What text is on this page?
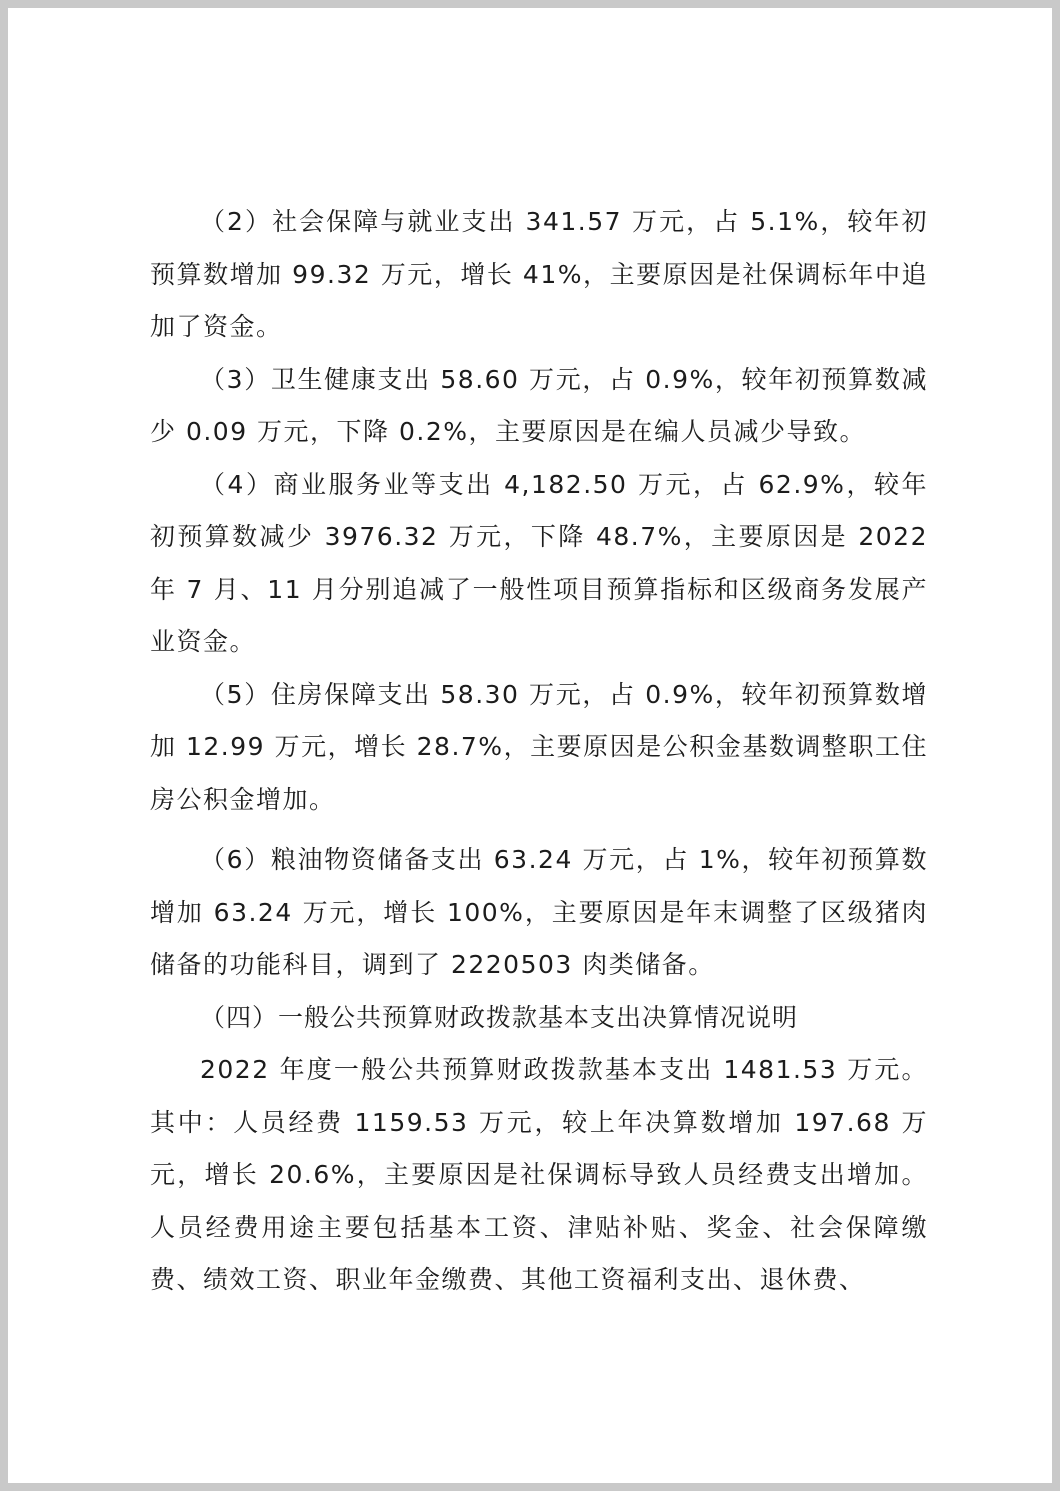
（2）社会保障与就业支出 341.57 万元，占 5.1%，较年初预算数增加 99.32 万元，增长 41%，主要原因是社保调标年中追加了资金。

（3）卫生健康支出 58.60 万元，占 0.9%，较年初预算数减少 0.09 万元，下降 0.2%，主要原因是在编人员减少导致。

（4）商业服务业等支出 4,182.50 万元，占 62.9%，较年初预算数减少 3976.32 万元，下降 48.7%，主要原因是 2022 年 7 月、11 月分别追减了一般性项目预算指标和区级商务发展产业资金。

（5）住房保障支出 58.30 万元，占 0.9%，较年初预算数增加 12.99 万元，增长 28.7%，主要原因是公积金基数调整职工住房公积金增加。

（6）粮油物资储备支出 63.24 万元，占 1%，较年初预算数增加 63.24 万元，增长 100%，主要原因是年末调整了区级猪肉储备的功能科目，调到了 2220503 肉类储备。

（四）一般公共预算财政拨款基本支出决算情况说明

2022 年度一般公共预算财政拨款基本支出 1481.53 万元。其中：人员经费 1159.53 万元，较上年决算数增加 197.68 万元，增长 20.6%，主要原因是社保调标导致人员经费支出增加。人员经费用途主要包括基本工资、津贴补贴、奖金、社会保障缴费、绩效工资、职业年金缴费、其他工资福利支出、退休费、
